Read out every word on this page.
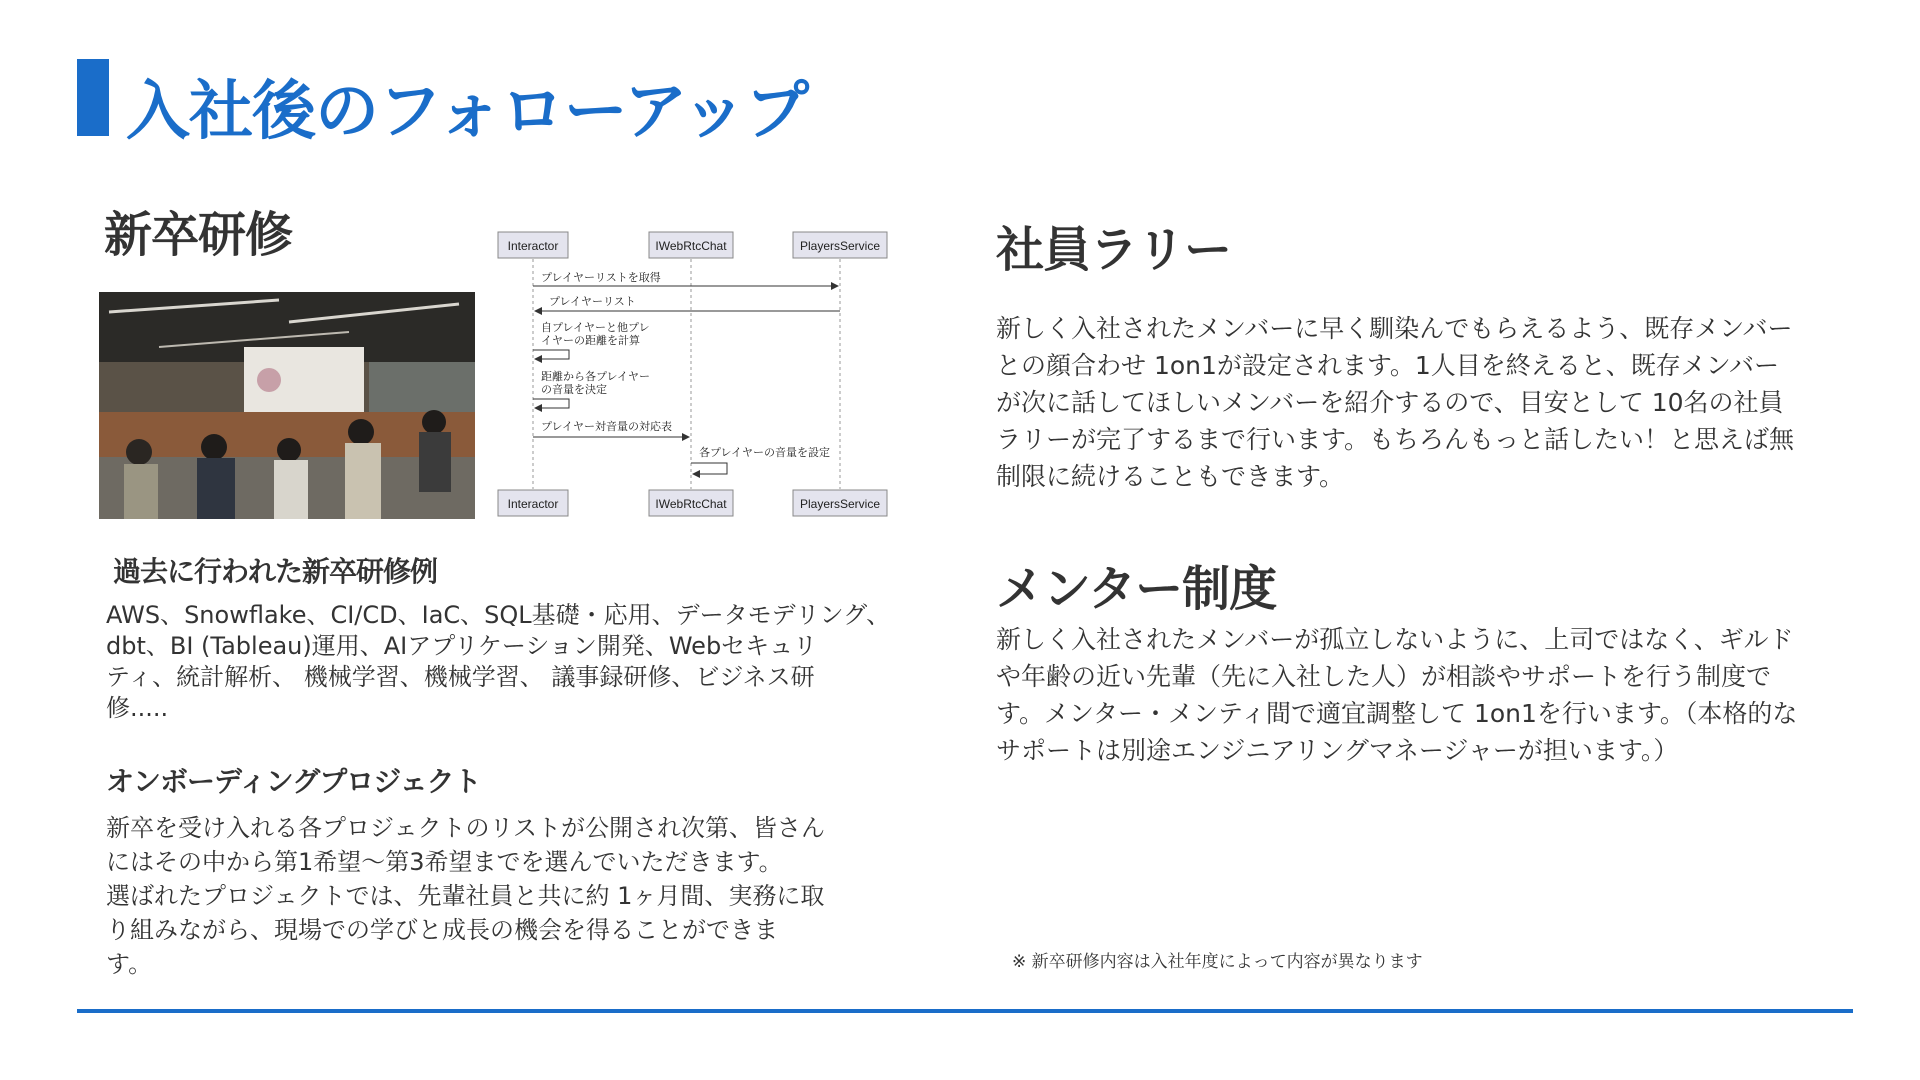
入社後のフォローアップ
新卒研修	Interactor	IWebRtcChat	PlayersService
プレイヤーリストを取得
プレイヤーリスト
自プレイヤーと他プレ
イヤーの距離を計算
距離から各プレイヤー
の音量を決定
プレイヤー対音量の対応表
各プレイヤーの音量を設定
Interactor	IWebRtcChat	PlayersService
過去に行われた新卒研修例
AWS、Snowflake、CI/CD、IaC、SQL基礎・応用、データモデリング、
dbt、BI (Tableau)運用、AIアプリケーション開発、Webセキュリ
ティ、統計解析、 機械学習、機械学習、 議事録研修、ビジネス研
修.....
オンボーディングプロジェクト
新卒を受け入れる各プロジェクトのリストが公開され次第、皆さん
にはその中から第1希望～第3希望までを選んでいただきます。
選ばれたプロジェクトでは、先輩社員と共に約 1ヶ月間、実務に取
り組みながら、現場での学びと成長の機会を得ることができま
す。
社員ラリー
新しく入社されたメンバーに早く馴染んでもらえるよう、既存メンバー
との顔合わせ 1on1が設定されます。1人目を終えると、既存メンバー
が次に話してほしいメンバーを紹介するので、目安として 10名の社員
ラリーが完了するまで行います。もちろんもっと話したい！と思えば無
制限に続けることもできます。
メンター制度
新しく入社されたメンバーが孤立しないように、上司ではなく、ギルド
や年齢の近い先輩（先に入社した人）が相談やサポートを行う制度で
す。メンター・メンティ間で適宜調整して 1on1を行います。（本格的な
サポートは別途エンジニアリングマネージャーが担います。）
※ 新卒研修内容は入社年度によって内容が異なります
